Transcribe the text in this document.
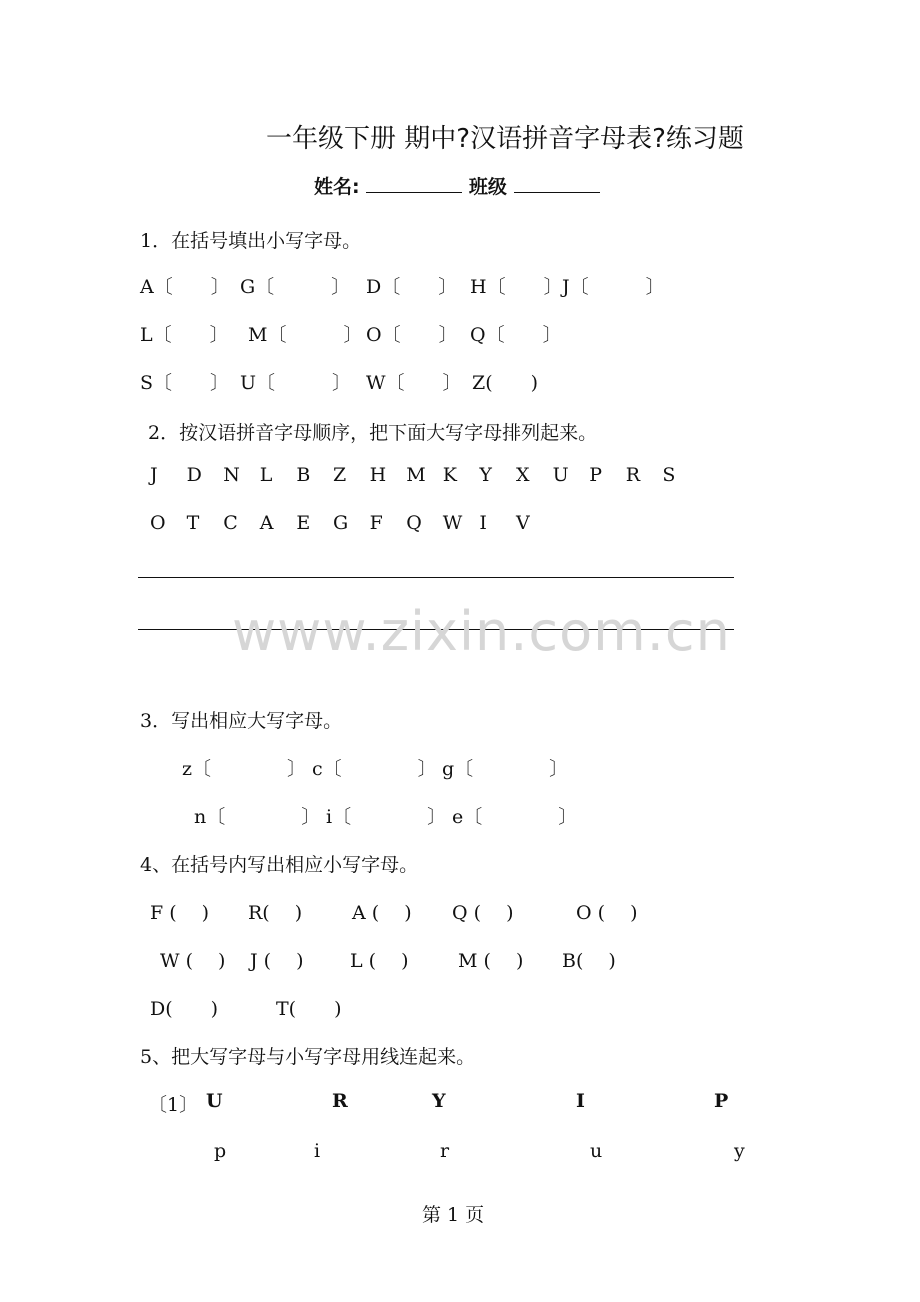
一年级下册 期中?汉语拼音字母表?练习题
姓名:	班级
1．在括号填出小写字母。
A〔　　〕 G〔　　　〕 D〔　　〕 H〔　　〕 J〔　　　〕
L〔　　〕 M〔　　　〕 O〔　　〕 Q〔　　〕
S〔　　〕 U〔　　　〕 W〔　　〕 Z(　　)
2．按汉语拼音字母顺序，把下面大写字母排列起来。
J D N L B Z H M K Y X U P R S
O T C A E G F Q W I V
www.zixin.com.cn
3．写出相应大写字母。
z〔　　　　〕 c〔　　　　〕 g〔　　　　〕
n〔　　　　〕 i〔　　　　〕 e〔　　　　〕
4、在括号内写出相应小写字母。
F (　 ) R(　 )	A (　 ) Q (　 )	O (　 )
W (　 ) J (　 ) L (　 )	M (　 ) B(　 )
D(　　)	T(　　)
5、把大写字母与小写字母用线连起来。
〔1〕 U	R	Y	I	P
p	i	r	u	y
第 1 页
